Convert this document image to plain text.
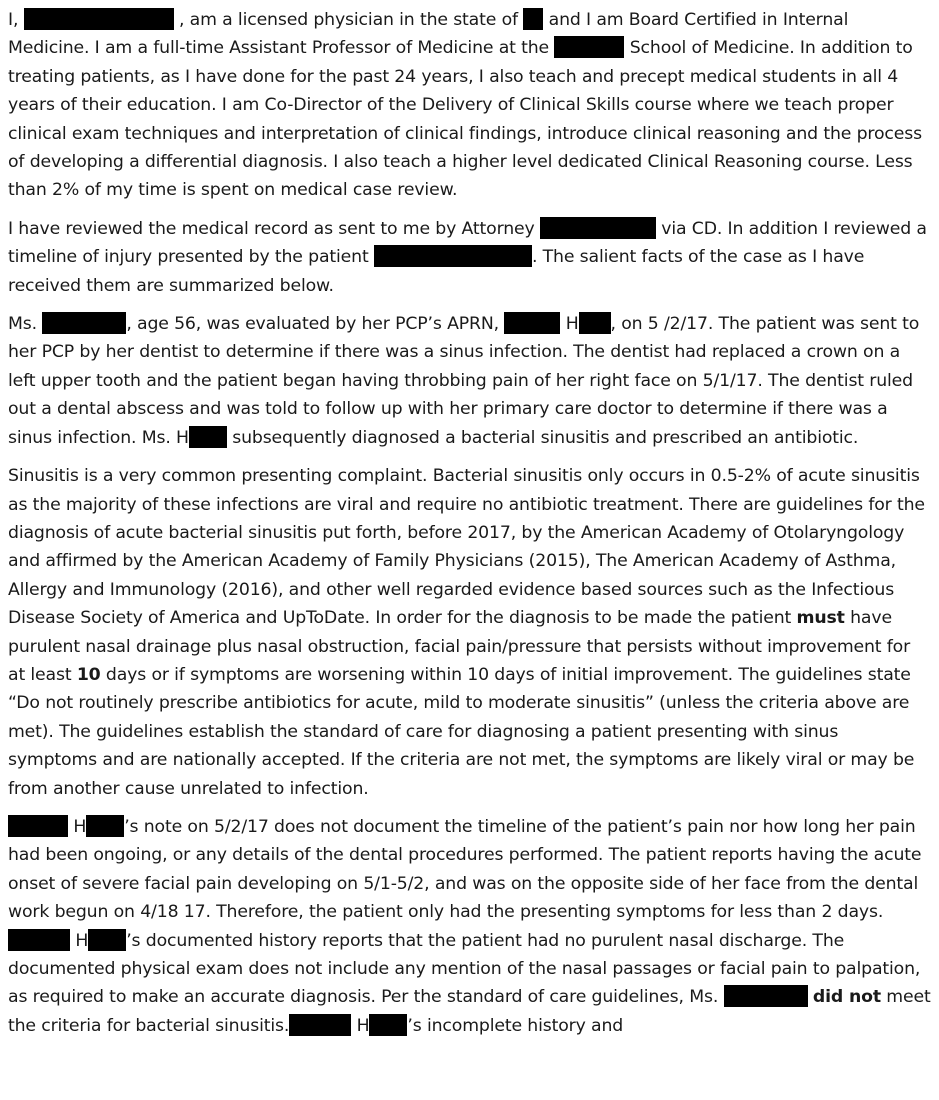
I,	, am a licensed physician in the state of and I am Board Certified in Internal Medicine. I am a full-time Assistant Professor of Medicine at the	School of Medicine. In addition to treating patients, as I have done for the past 24 years, I also teach and precept medical students in all 4 years of their education. I am Co-Director of the Delivery of Clinical Skills course where we teach proper clinical exam techniques and interpretation of clinical findings, introduce clinical reasoning and the process of developing a differential diagnosis. I also teach a higher level dedicated Clinical Reasoning course. Less than 2% of my time is spent on medical case review.

I have reviewed the medical record as sent to me by Attorney	via CD. In addition I reviewed a timeline of injury presented by the patient	. The salient facts of the case as I have received them are summarized below.

Ms.	, age 56, was evaluated by her PCP’s APRN,	H , on 5 /2/17. The patient was sent to her PCP by her dentist to determine if there was a sinus infection. The dentist had replaced a crown on a left upper tooth and the patient began having throbbing pain of her right face on 5/1/17. The dentist ruled out a dental abscess and was told to follow up with her primary care doctor to determine if there was a sinus infection. Ms. H	subsequently diagnosed a bacterial sinusitis and prescribed an antibiotic.

Sinusitis is a very common presenting complaint. Bacterial sinusitis only occurs in 0.5-2% of acute sinusitis as the majority of these infections are viral and require no antibiotic treatment. There are guidelines for the diagnosis of acute bacterial sinusitis put forth, before 2017, by the American Academy of Otolaryngology and affirmed by the American Academy of Family Physicians (2015), The American Academy of Asthma, Allergy and Immunology (2016), and other well regarded evidence based sources such as the Infectious Disease Society of America and UpToDate. In order for the diagnosis to be made the patient must have purulent nasal drainage plus nasal obstruction, facial pain/pressure that persists without improvement for at least 10 days or if symptoms are worsening within 10 days of initial improvement. The guidelines state “Do not routinely prescribe antibiotics for acute, mild to moderate sinusitis” (unless the criteria above are met). The guidelines establish the standard of care for diagnosing a patient presenting with sinus symptoms and are nationally accepted. If the criteria are not met, the symptoms are likely viral or may be from another cause unrelated to infection.

H ’s note on 5/2/17 does not document the timeline of the patient’s pain nor how long her pain had been ongoing, or any details of the dental procedures performed. The patient reports having the acute onset of severe facial pain developing on 5/1-5/2, and was on the opposite side of her face from the dental work begun on 4/18 17. Therefore, the patient only had the presenting symptoms for less than 2 days.  H ’s documented history reports that the patient had no purulent nasal discharge. The documented physical exam does not include any mention of the nasal passages or facial pain to palpation, as required to make an accurate diagnosis. Per the standard of care guidelines, Ms.	did not meet the criteria for bacterial sinusitis.	H ’s incomplete history and
